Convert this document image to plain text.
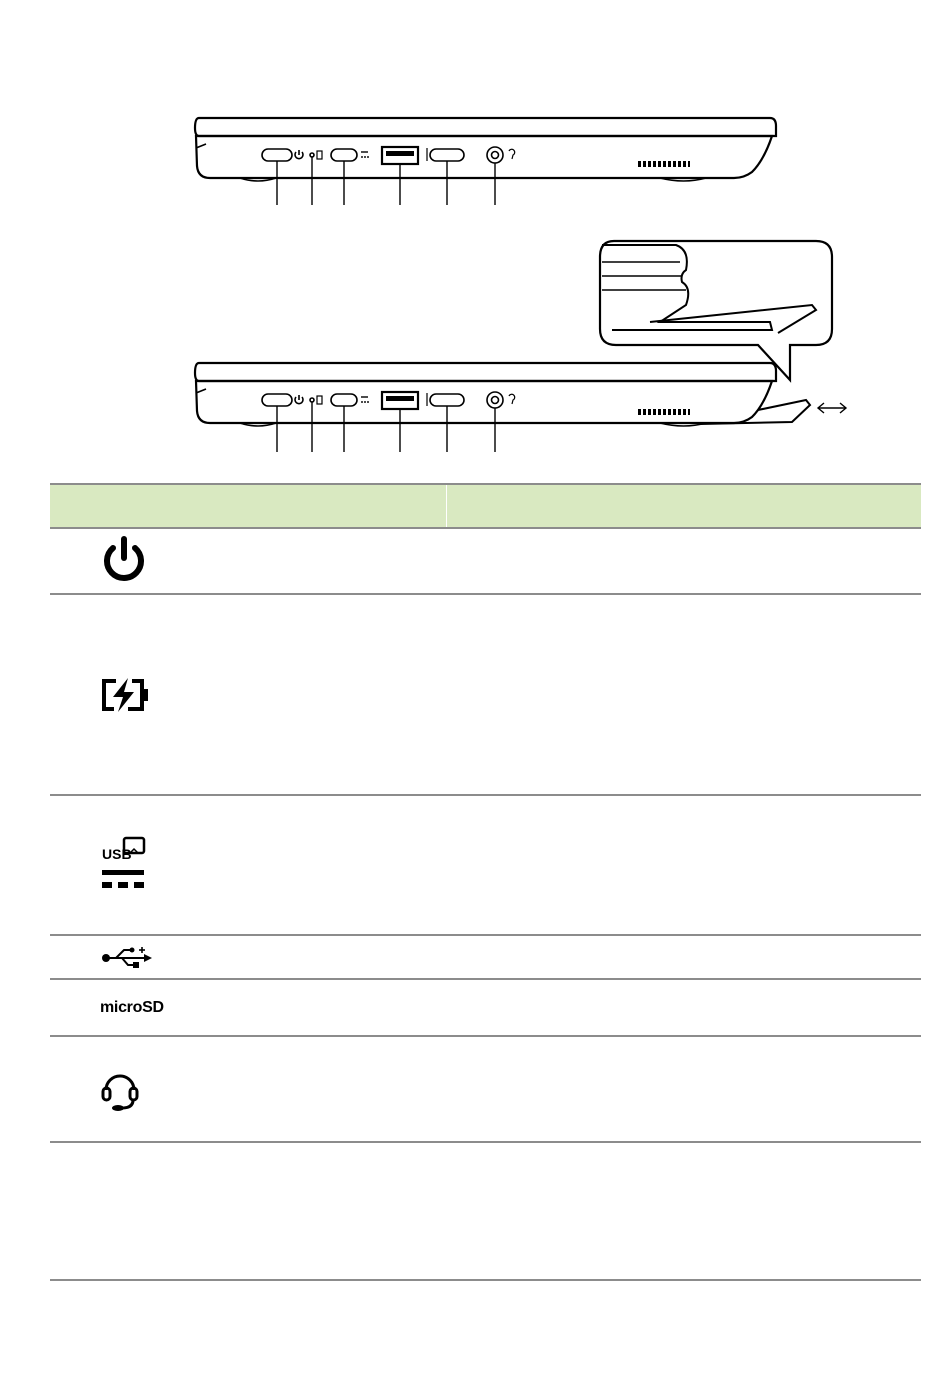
USB	

microSD	
